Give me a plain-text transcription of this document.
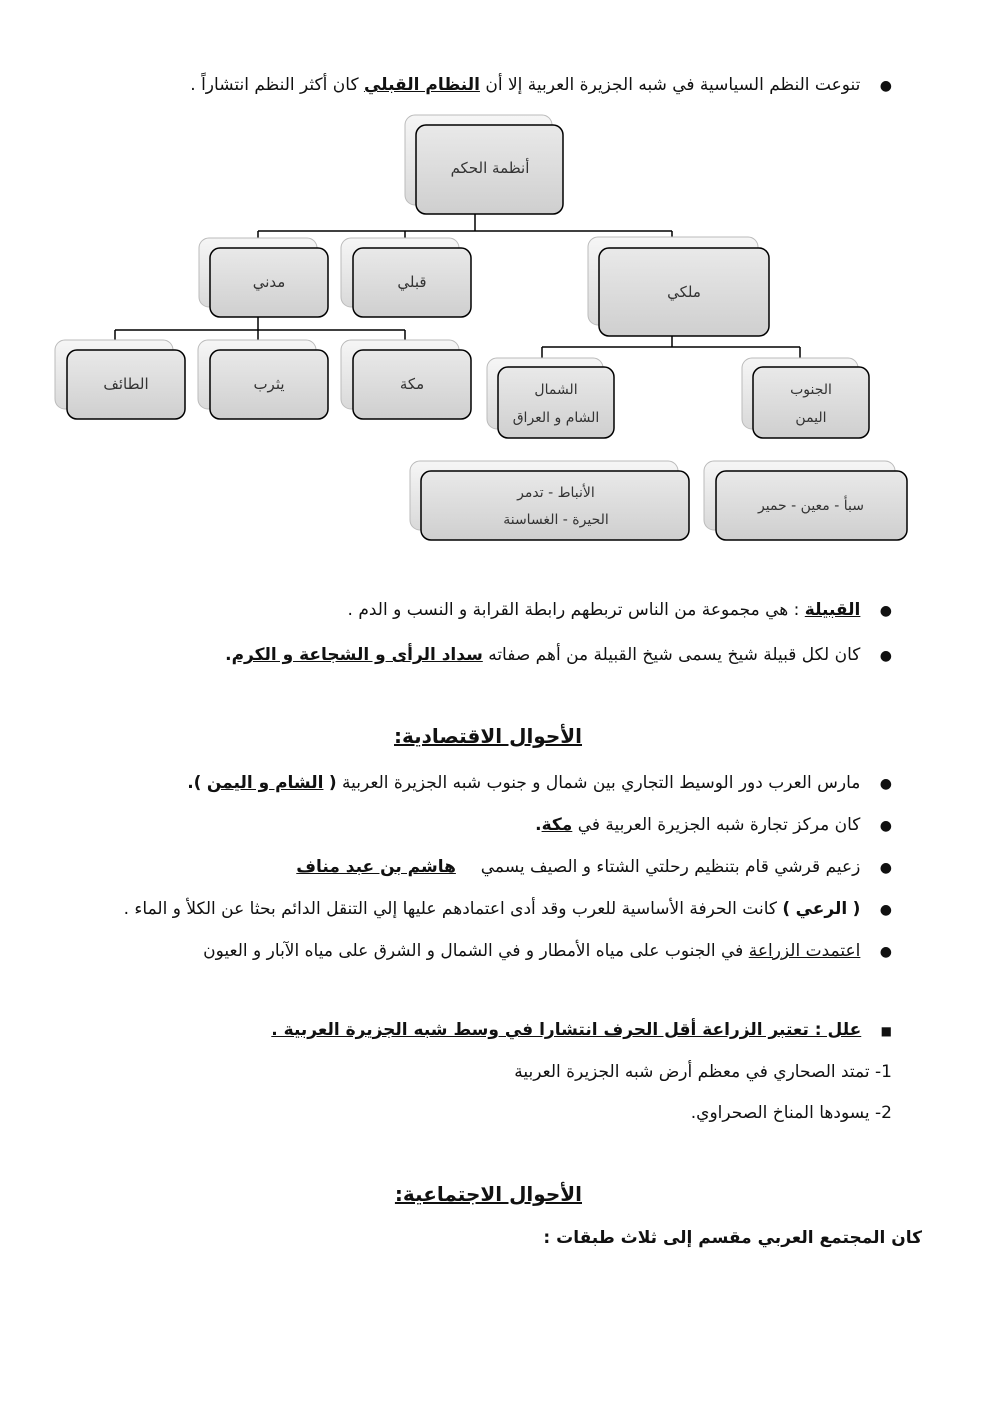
● تنوعت النظم السياسية في شبه الجزيرة العربية إلا أن النظام القبلي كان أكثر النظم انتشاراً .
أنظمة الحكم
مدني	قبلي
ملكي
الطائف	يثرب	مكة	الشمال
الشام و العراق
الجنوب
اليمن
الأنباط - تدمر
الحيرة - الغساسنة
سبأ - معين - حمير
● القبيلة : هي مجموعة من الناس تربطهم رابطة القرابة و النسب و الدم .
● كان لكل قبيلة شيخ يسمى شيخ القبيلة من أهم صفاته سداد الرأى و الشجاعة و الكرم.
الأحوال الاقتصادية:
● مارس العرب دور الوسيط التجاري بين شمال و جنوب شبه الجزيرة العربية ( الشام و اليمن ).
● كان مركز تجارة شبه الجزيرة العربية في مكة.
● زعيم قرشي قام بتنظيم رحلتي الشتاء و الصيف يسمي  هاشم بن عبد مناف
● ( الرعي ) كانت الحرفة الأساسية للعرب وقد أدى اعتمادهم عليها إلي التنقل الدائم بحثا عن الكلأ و الماء .
● اعتمدت الزراعة في الجنوب على مياه الأمطار و في الشمال و الشرق على مياه الآبار و العيون
■ علل : تعتبر الزراعة أقل الحرف انتشارا في وسط شبه الجزيرة العربية .
1- تمتد الصحاري في معظم أرض شبه الجزيرة العربية
2- يسودها المناخ الصحراوي.
الأحوال الاجتماعية:
كان المجتمع العربي مقسم إلى ثلاث طبقات :
